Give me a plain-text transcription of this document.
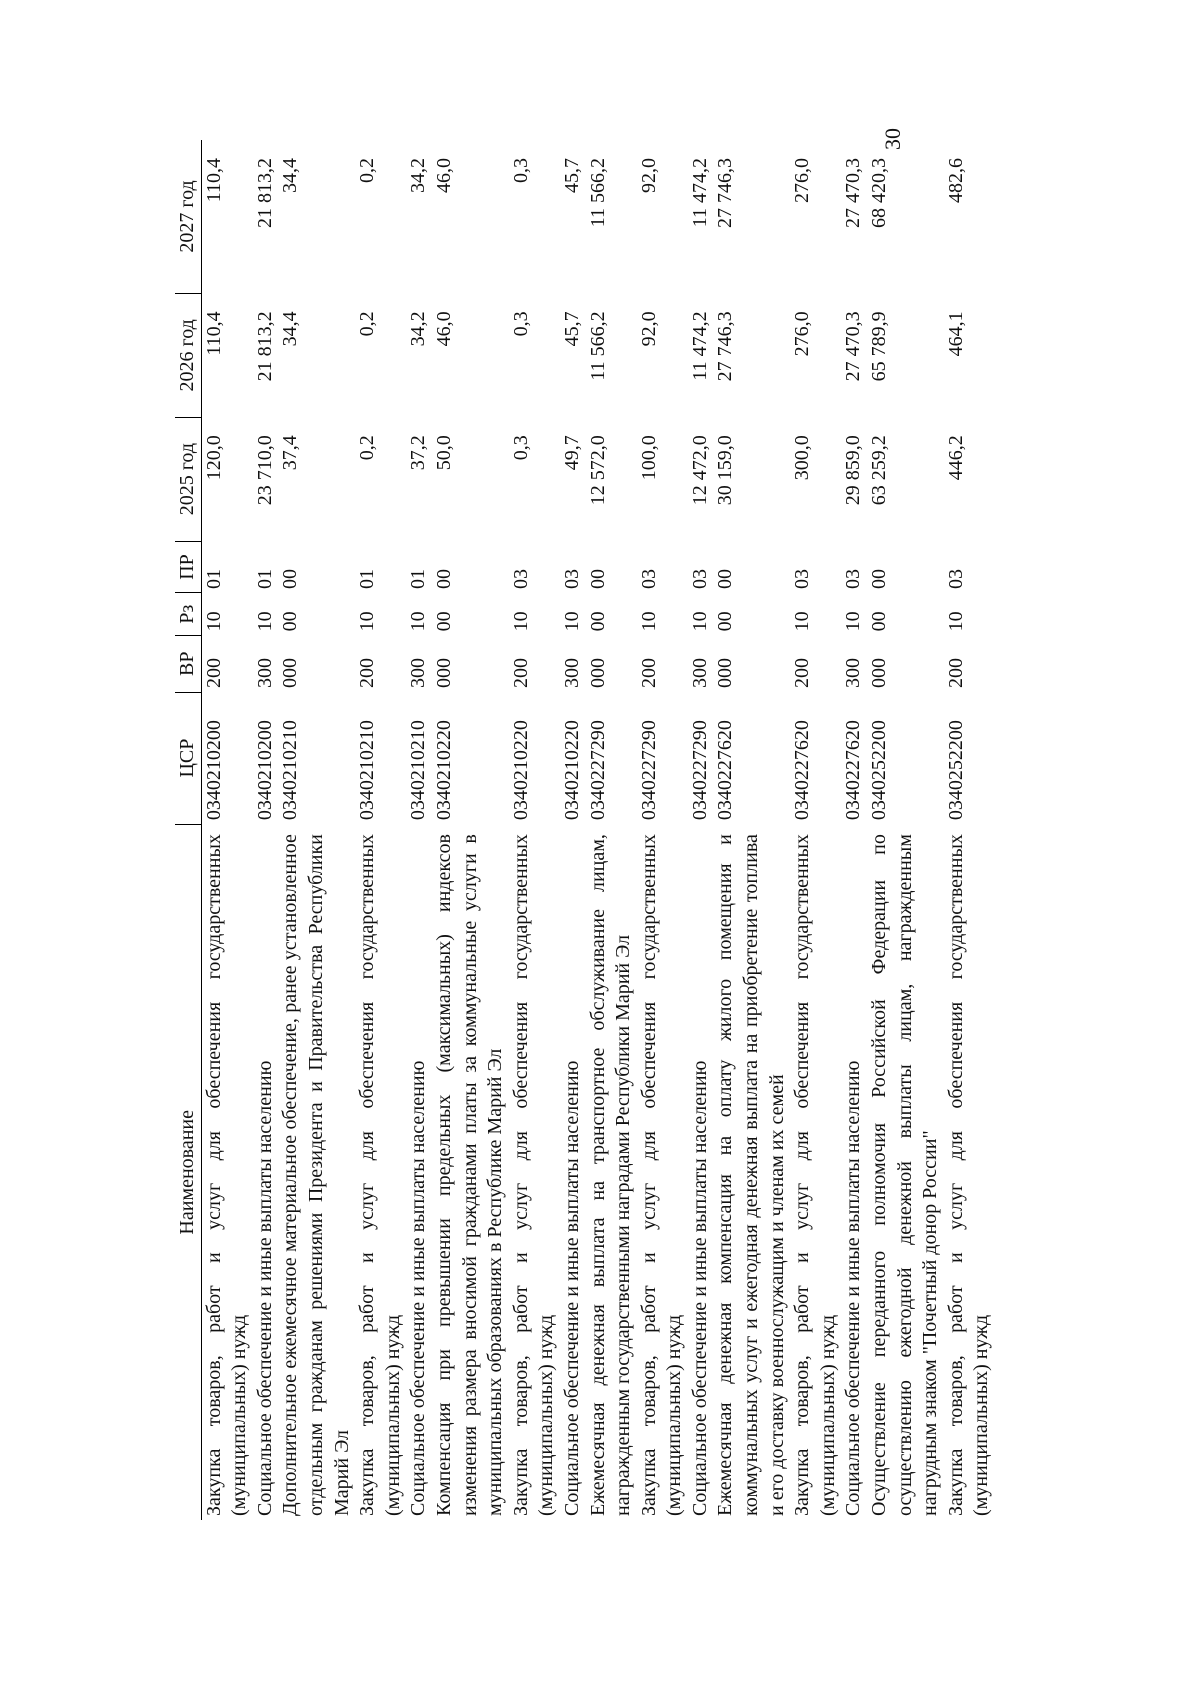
30
Наименование	ЦСР	ВР	Рз	ПР	2025 год	2026 год	2027 год
Закупка товаров, работ и услуг для обеспечения государственных (муниципальных) нужд	0340210200	200	10	01	120,0	110,4	110,4
Социальное обеспечение и иные выплаты населению	0340210200	300	10	01	23 710,0	21 813,2	21 813,2
Дополнительное ежемесячное материальное обеспечение, ранее установленное отдельным гражданам решениями Президента и Правительства Республики Марий Эл	0340210210	000	00	00	37,4	34,4	34,4
Закупка товаров, работ и услуг для обеспечения государственных (муниципальных) нужд	0340210210	200	10	01	0,2	0,2	0,2
Социальное обеспечение и иные выплаты населению	0340210210	300	10	01	37,2	34,2	34,2
Компенсация при превышении предельных (максимальных) индексов изменения размера вносимой гражданами платы за коммунальные услуги в муниципальных образованиях в Республике Марий Эл	0340210220	000	00	00	50,0	46,0	46,0
Закупка товаров, работ и услуг для обеспечения государственных (муниципальных) нужд	0340210220	200	10	03	0,3	0,3	0,3
Социальное обеспечение и иные выплаты населению	0340210220	300	10	03	49,7	45,7	45,7
Ежемесячная денежная выплата на транспортное обслуживание лицам, награжденным государственными наградами Республики Марий Эл	0340227290	000	00	00	12 572,0	11 566,2	11 566,2
Закупка товаров, работ и услуг для обеспечения государственных (муниципальных) нужд	0340227290	200	10	03	100,0	92,0	92,0
Социальное обеспечение и иные выплаты населению	0340227290	300	10	03	12 472,0	11 474,2	11 474,2
Ежемесячная денежная компенсация на оплату жилого помещения и коммунальных услуг и ежегодная денежная выплата на приобретение топлива и его доставку военнослужащим и членам их семей	0340227620	000	00	00	30 159,0	27 746,3	27 746,3
Закупка товаров, работ и услуг для обеспечения государственных (муниципальных) нужд	0340227620	200	10	03	300,0	276,0	276,0
Социальное обеспечение и иные выплаты населению	0340227620	300	10	03	29 859,0	27 470,3	27 470,3
Осуществление переданного полномочия Российской Федерации по осуществлению ежегодной денежной выплаты лицам, награжденным нагрудным знаком "Почетный донор России"	0340252200	000	00	00	63 259,2	65 789,9	68 420,3
Закупка товаров, работ и услуг для обеспечения государственных (муниципальных) нужд	0340252200	200	10	03	446,2	464,1	482,6
